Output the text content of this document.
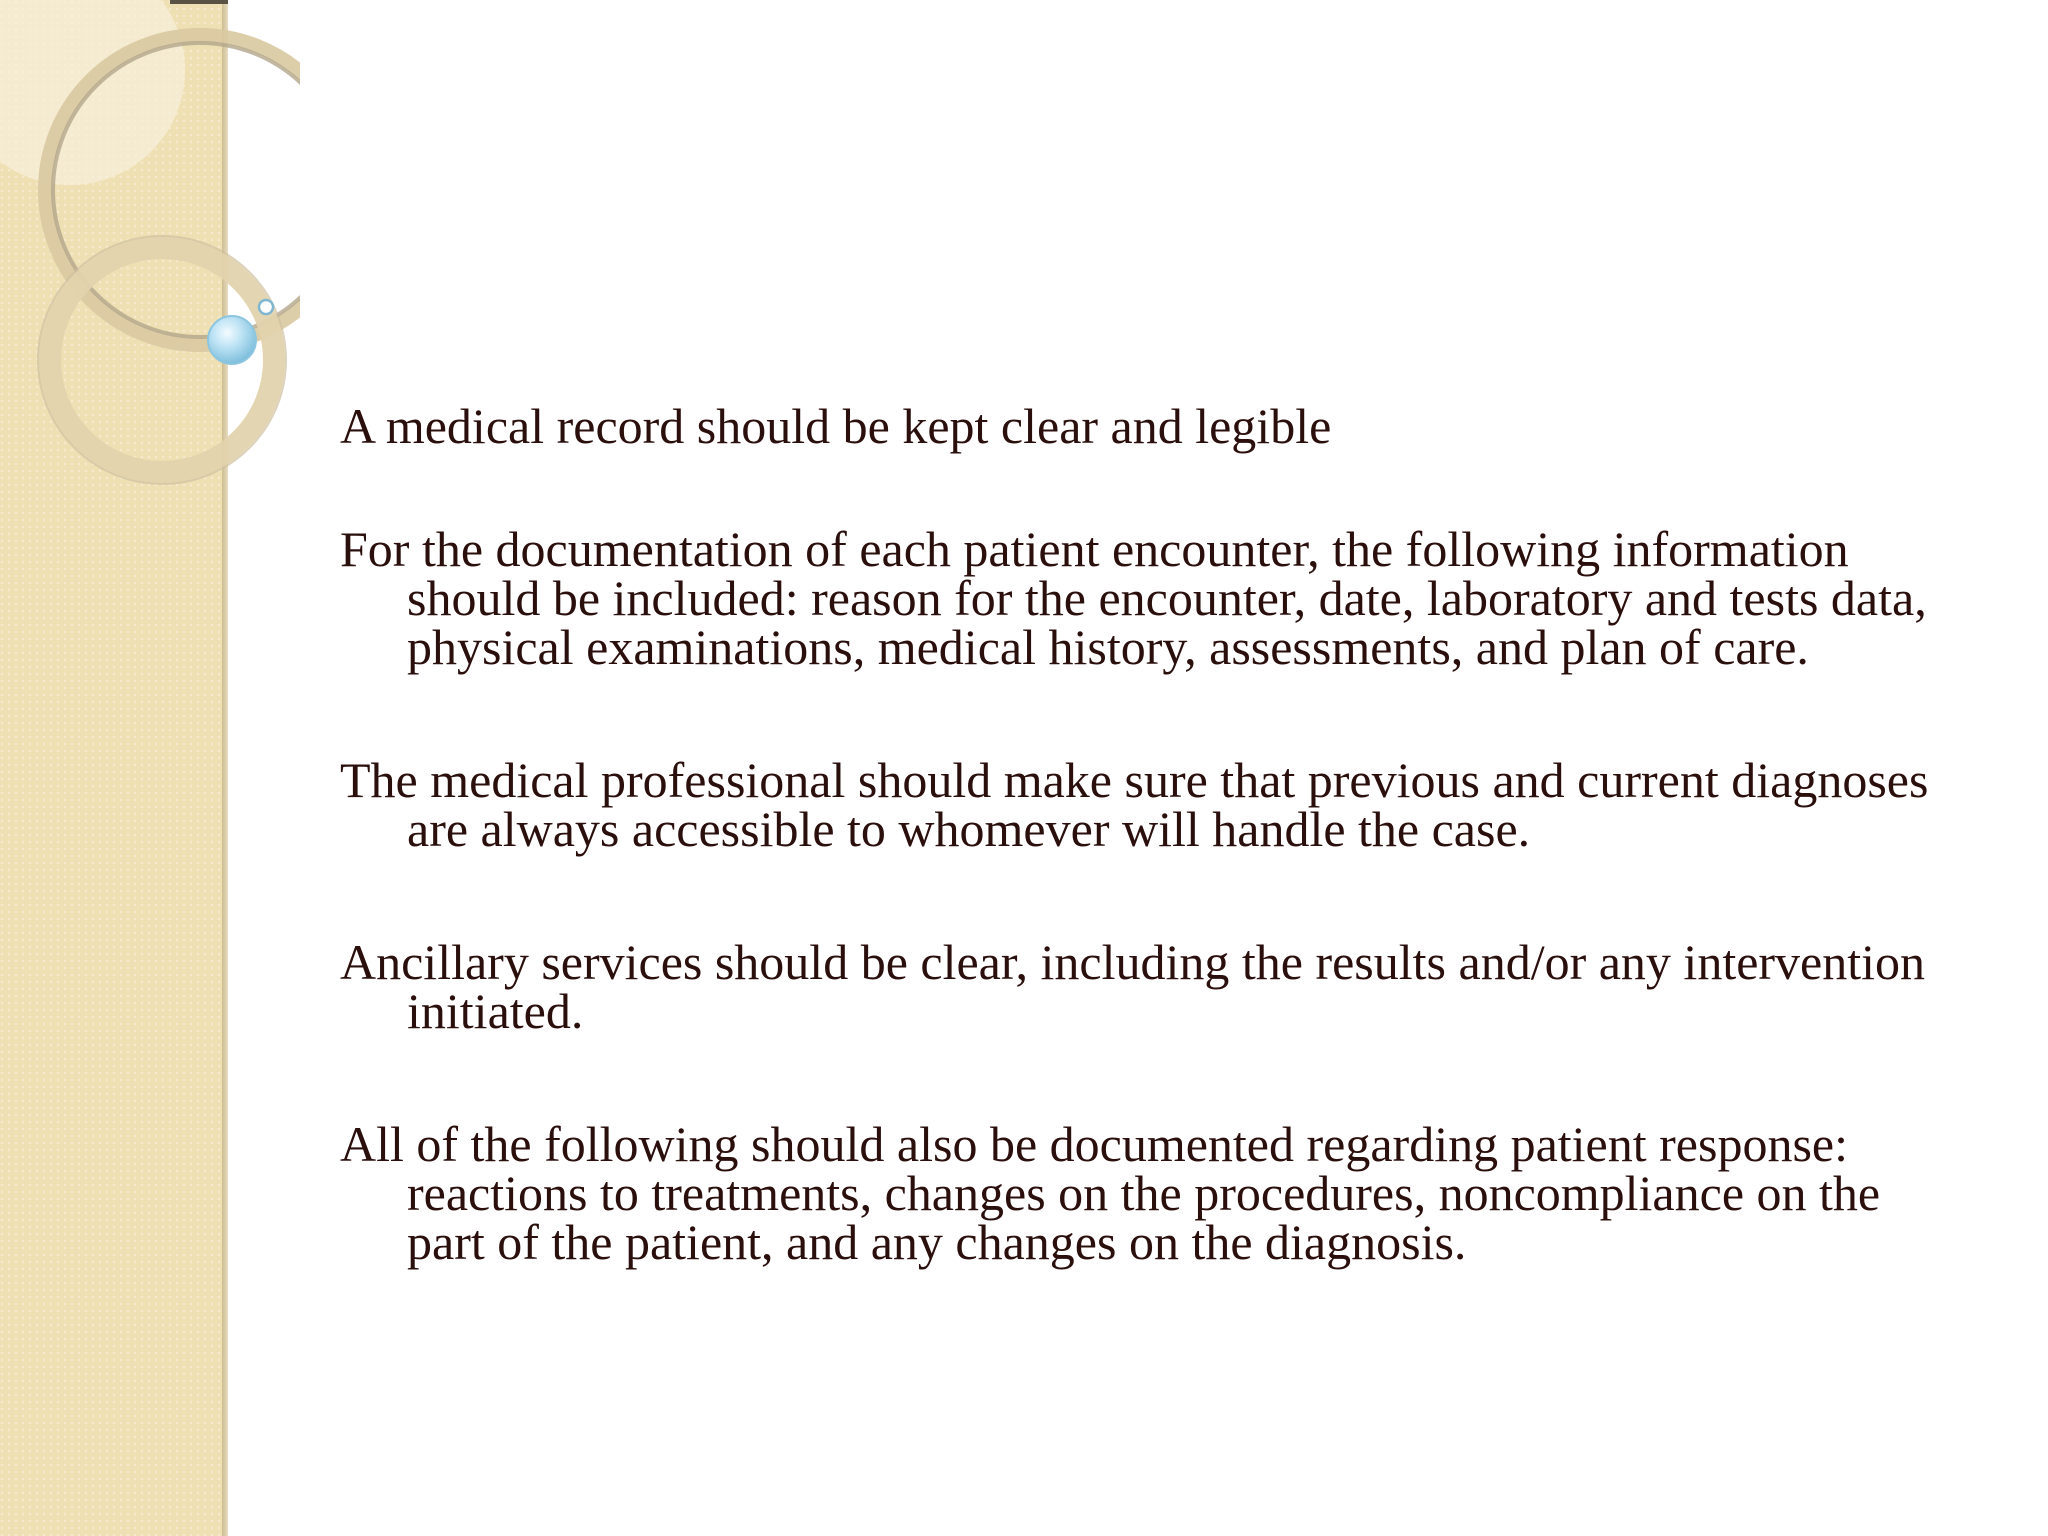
A medical record should be kept clear and legible

For the documentation of each patient encounter, the following information should be included: reason for the encounter, date, laboratory and tests data, physical examinations, medical history, assessments, and plan of care.

The medical professional should make sure that previous and current diagnoses are always accessible to whomever will handle the case.

Ancillary services should be clear, including the results and/or any intervention initiated.

All of the following should also be documented regarding patient response: reactions to treatments, changes on the procedures, noncompliance on the part of the patient, and any changes on the diagnosis.
